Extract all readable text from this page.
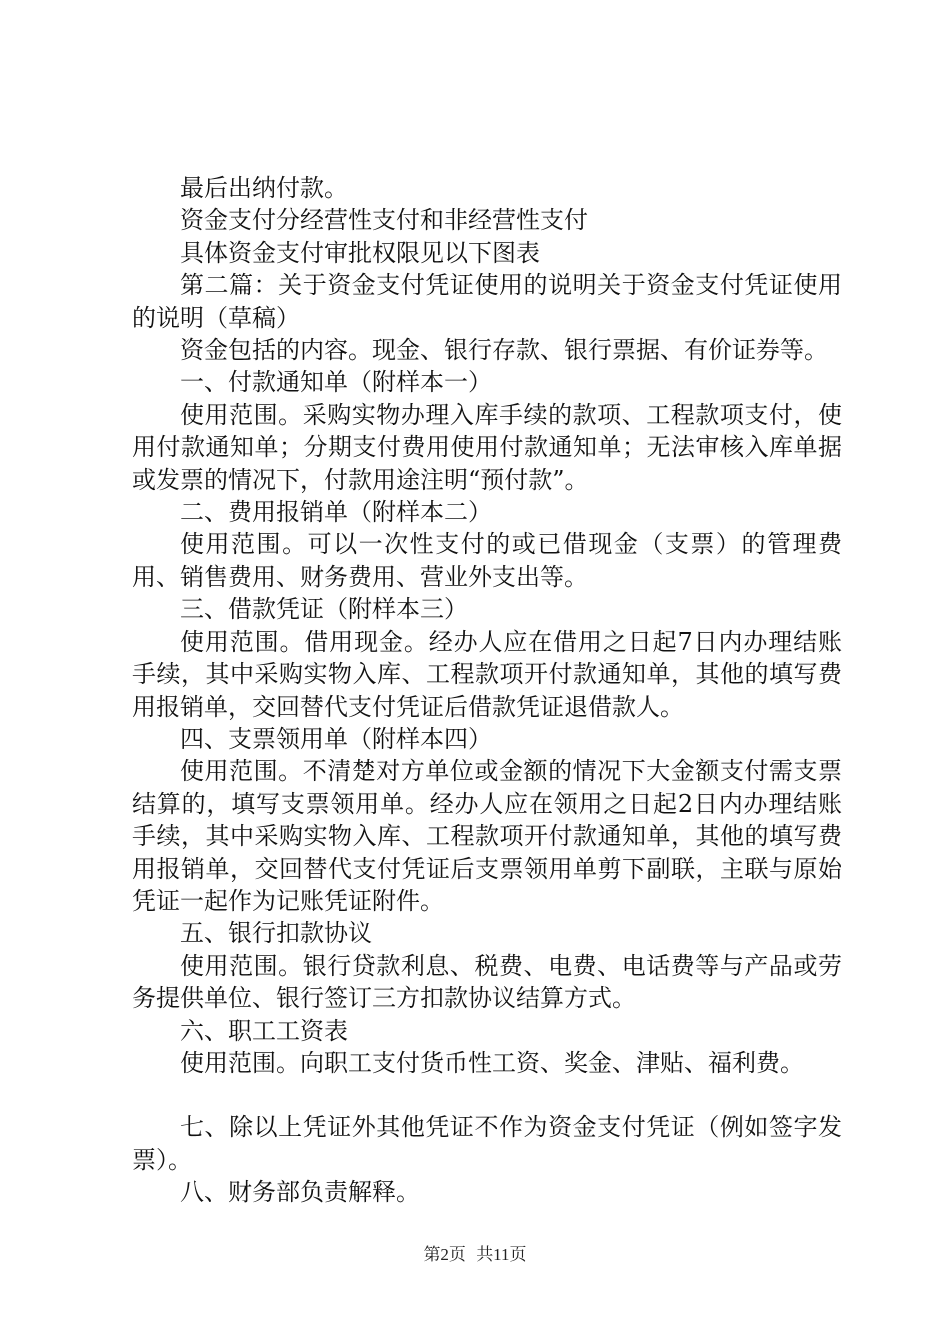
最后出纳付款。

资金支付分经营性支付和非经营性支付

具体资金支付审批权限见以下图表

第二篇：关于资金支付凭证使用的说明关于资金支付凭证使用的说明（草稿）

资金包括的内容。现金、银行存款、银行票据、有价证券等。

一、付款通知单（附样本一）

使用范围。采购实物办理入库手续的款项、工程款项支付，使用付款通知单；分期支付费用使用付款通知单；无法审核入库单据或发票的情况下，付款用途注明“预付款”。

二、费用报销单（附样本二）

使用范围。可以一次性支付的或已借现金（支票）的管理费用、销售费用、财务费用、营业外支出等。

三、借款凭证（附样本三）

使用范围。借用现金。经办人应在借用之日起7日内办理结账手续，其中采购实物入库、工程款项开付款通知单，其他的填写费用报销单，交回替代支付凭证后借款凭证退借款人。

四、支票领用单（附样本四）

使用范围。不清楚对方单位或金额的情况下大金额支付需支票结算的，填写支票领用单。经办人应在领用之日起2日内办理结账手续，其中采购实物入库、工程款项开付款通知单，其他的填写费用报销单，交回替代支付凭证后支票领用单剪下副联，主联与原始凭证一起作为记账凭证附件。

五、银行扣款协议

使用范围。银行贷款利息、税费、电费、电话费等与产品或劳务提供单位、银行签订三方扣款协议结算方式。

六、职工工资表

使用范围。向职工支付货币性工资、奖金、津贴、福利费。

七、除以上凭证外其他凭证不作为资金支付凭证（例如签字发票）。

八、财务部负责解释。

第2页 共11页
